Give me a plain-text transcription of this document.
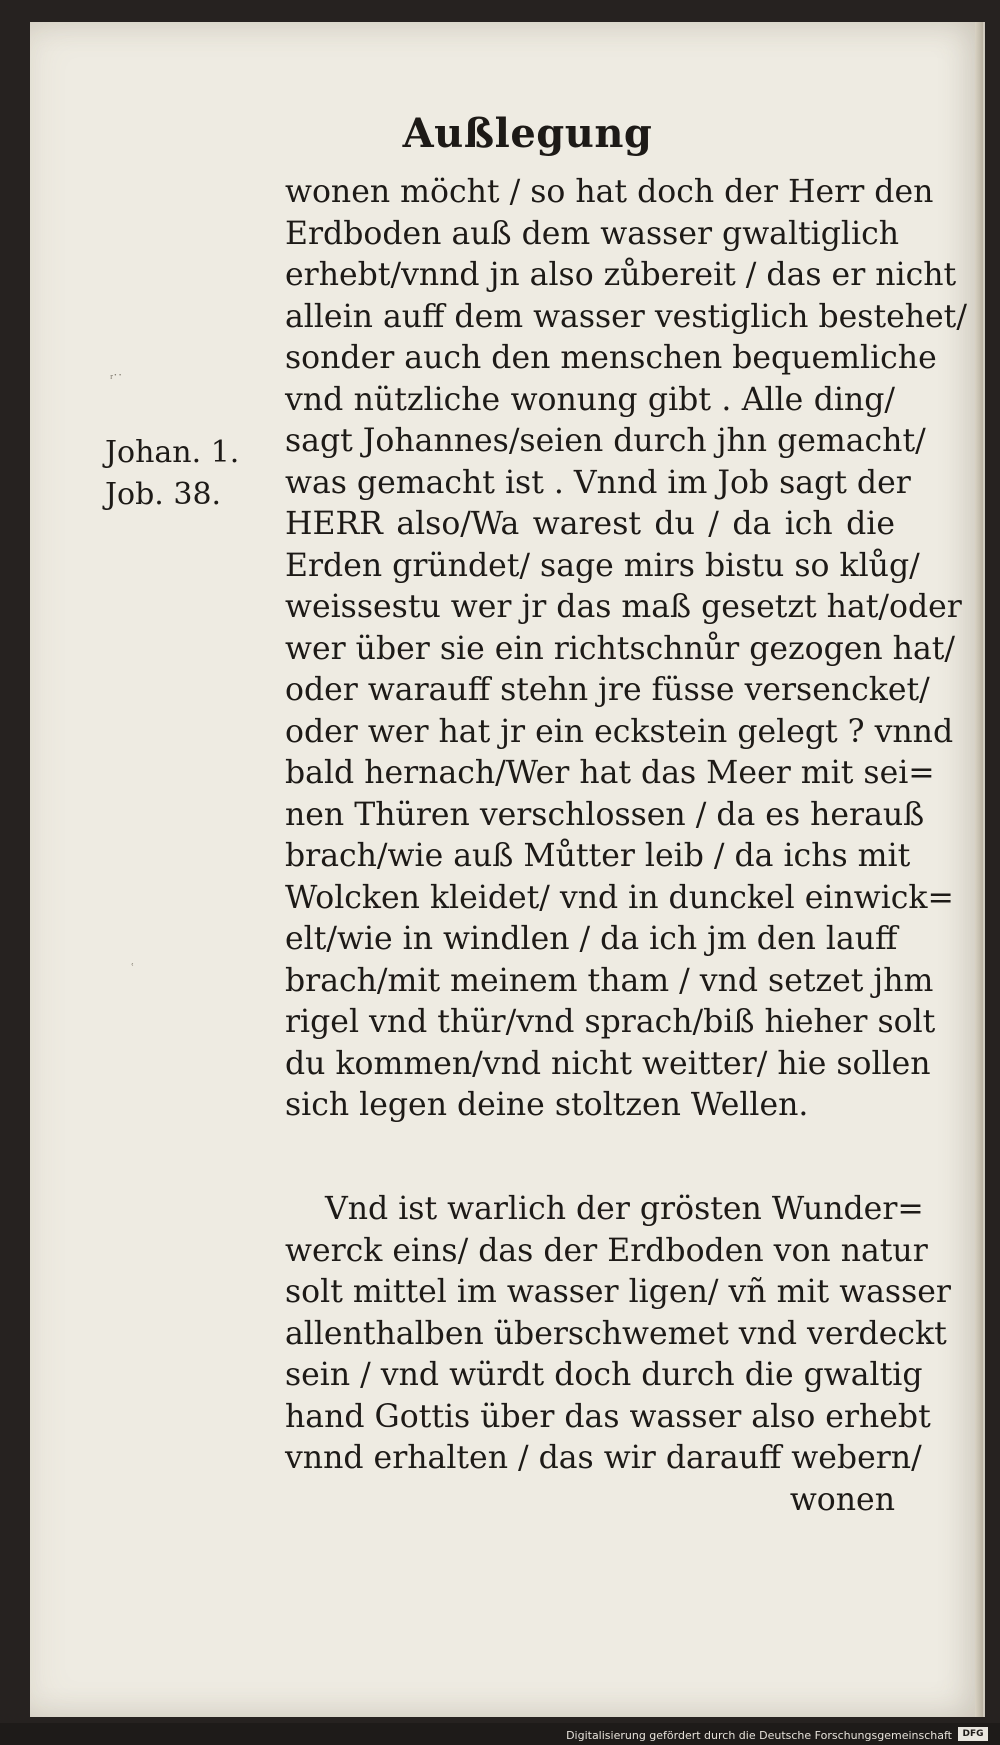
Außlegung
Johan. 1.
Job. 38.
ʳ˙˙
ʿ
wonen möcht / so hat doch der Herr den
Erdboden auß dem wasser gwaltiglich
erhebt/vnnd jn also zůbereit / das er nicht
allein auff dem wasser vestiglich bestehet/
sonder auch den menschen bequemliche
vnd nützliche wonung gibt . Alle ding/
sagt Johannes/seien durch jhn gemacht/
was gemacht ist . Vnnd im Job sagt der
HERR also/Wa warest du / da ich die
Erden gründet/ sage mirs bistu so klůg/
weissestu wer jr das maß gesetzt hat/oder
wer über sie ein richtschnůr gezogen hat/
oder warauff stehn jre füsse versencket/
oder wer hat jr ein eckstein gelegt ? vnnd
bald hernach/Wer hat das Meer mit sei=
nen Thüren verschlossen / da es herauß
brach/wie auß Můtter leib / da ichs mit
Wolcken kleidet/ vnd in dunckel einwick=
elt/wie in windlen / da ich jm den lauff
brach/mit meinem tham / vnd setzet jhm
rigel vnd thür/vnd sprach/biß hieher solt
du kommen/vnd nicht weitter/ hie sollen
sich legen deine stoltzen Wellen.
Vnd ist warlich der grösten Wunder=
werck eins/ das der Erdboden von natur
solt mittel im wasser ligen/ vñ mit wasser
allenthalben überschwemet vnd verdeckt
sein / vnd würdt doch durch die gwaltig
hand Gottis über das wasser also erhebt
vnnd erhalten / das wir darauff webern/
wonen
Digitalisierung gefördert durch die Deutsche Forschungsgemeinschaft	DFG
